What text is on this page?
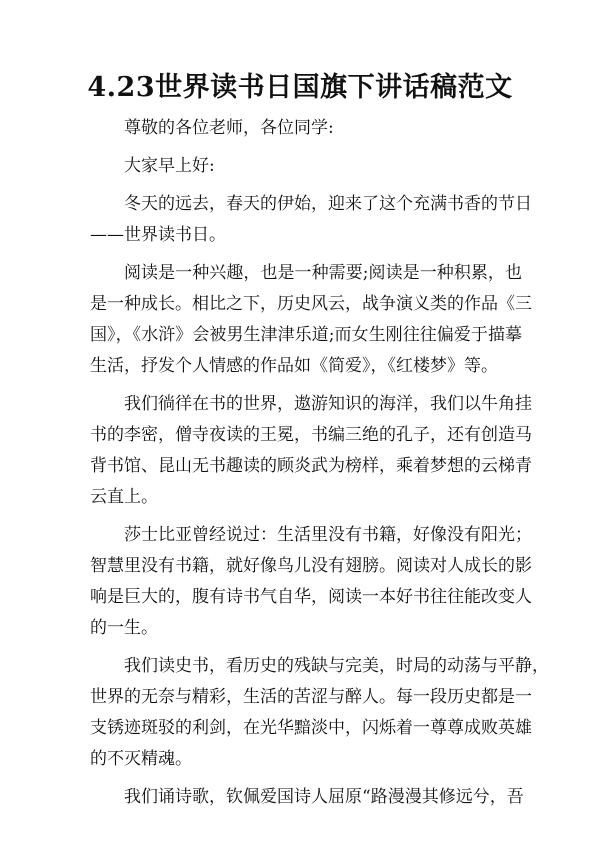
4.23世界读书日国旗下讲话稿范文
尊敬的各位老师，各位同学:
大家早上好:
冬天的远去，春天的伊始，迎来了这个充满书香的节日
——世界读书日。
阅读是一种兴趣，也是一种需要;阅读是一种积累，也
是一种成长。相比之下，历史风云，战争演义类的作品《三
国》，《水浒》会被男生津津乐道;而女生刚往往偏爱于描摹
生活，抒发个人情感的作品如《简爱》，《红楼梦》等。
我们徜徉在书的世界，遨游知识的海洋，我们以牛角挂
书的李密，僧寺夜读的王冕，书编三绝的孔子，还有创造马
背书馆、昆山无书趣读的顾炎武为榜样，乘着梦想的云梯青
云直上。
莎士比亚曾经说过：生活里没有书籍，好像没有阳光；
智慧里没有书籍，就好像鸟儿没有翅膀。阅读对人成长的影
响是巨大的，腹有诗书气自华，阅读一本好书往往能改变人
的一生。
我们读史书，看历史的残缺与完美，时局的动荡与平静，
世界的无奈与精彩，生活的苦涩与醉人。每一段历史都是一
支锈迹斑驳的利剑，在光华黯淡中，闪烁着一尊尊成败英雄
的不灭精魂。
我们诵诗歌，钦佩爱国诗人屈原“路漫漫其修远兮，吾
